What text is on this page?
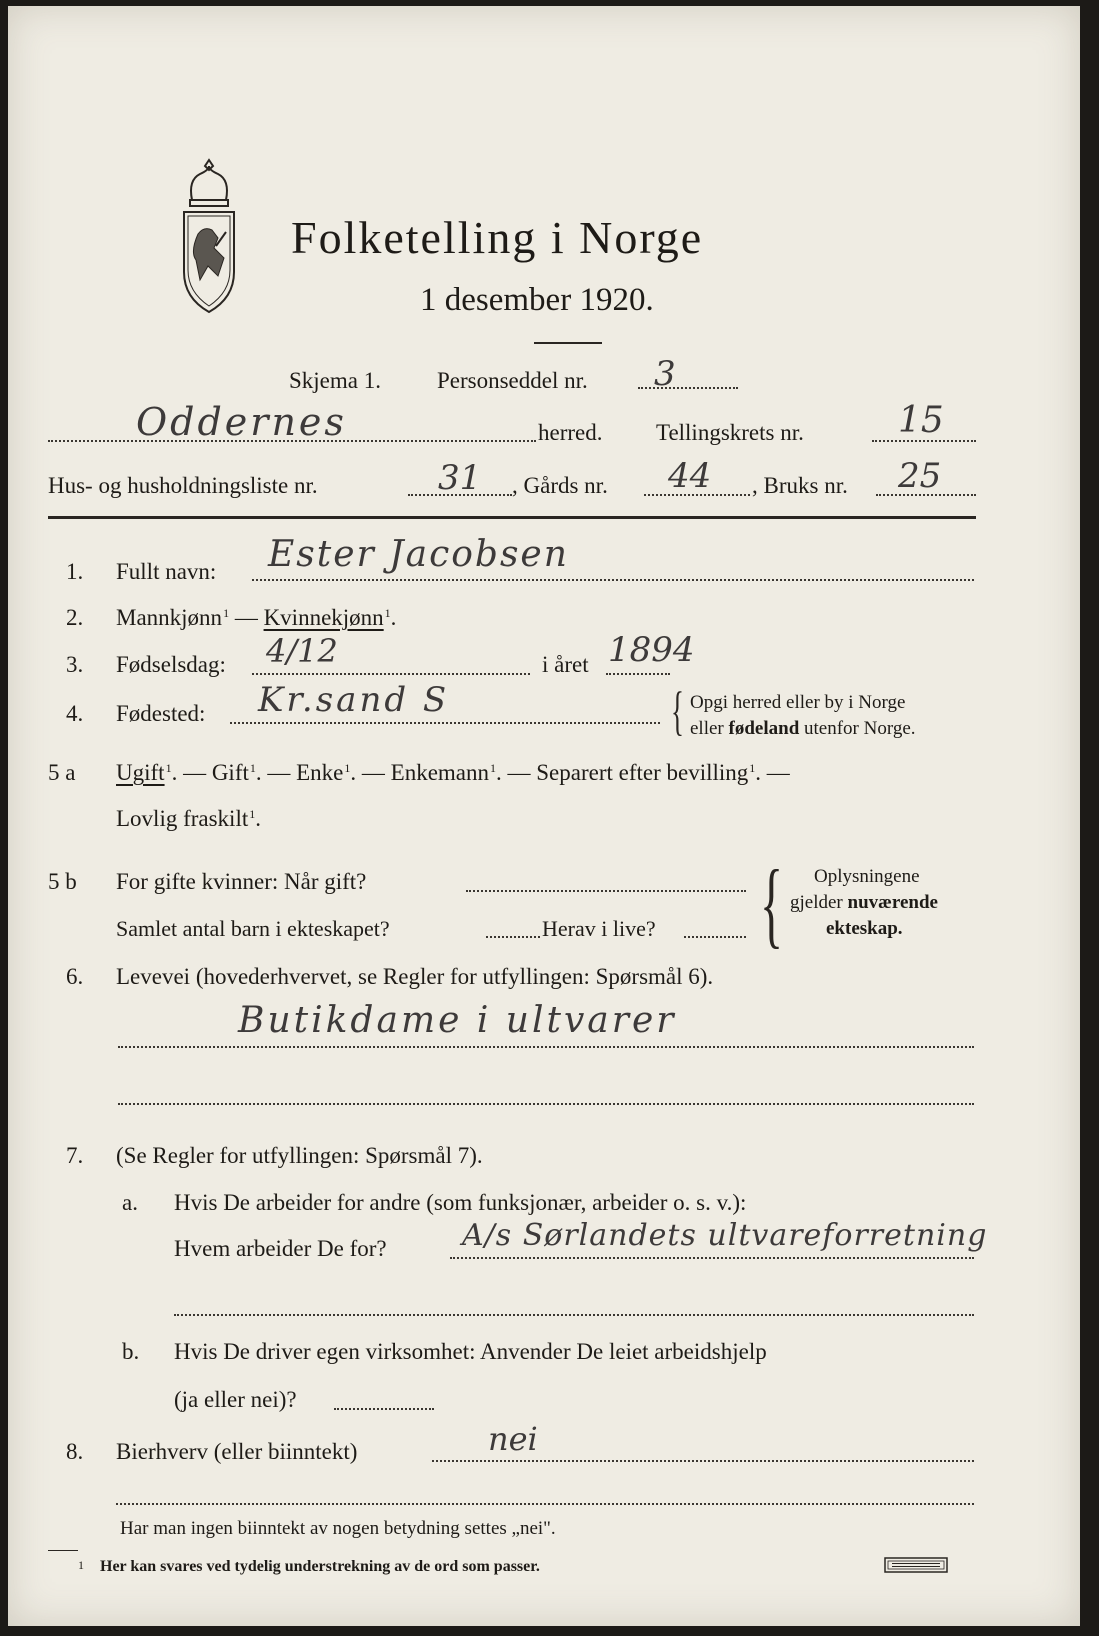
Folketelling i Norge
1 desember 1920.
Skjema 1. Personseddel nr. 3
Oddernes	herred. Tellingskrets nr.	15
Hus- og husholdningsliste nr.	31 , Gårds nr. 44 , Bruks nr. 25
1. Fullt navn: Ester Jacobsen
2. Mannkjønn$^1$ — Kvinnekjønn$^1$.
3. Fødselsdag: 4/12	i året 1894
4. Fødested: Kr.sand S	{ Opgi herred eller by i Norge
eller fødeland utenfor Norge.
5 a Ugift$^1$. — Gift$^1$. — Enke$^1$. — Enkemann$^1$. — Separert efter bevilling$^1$. —
Lovlig fraskilt$^1$.
5 b For gifte kvinner: Når gift?
Samlet antal barn i ekteskapet?	Herav i live? { Oplysningene
gjelder nuværende
ekteskap.
6. Levevei (hovederhvervet, se Regler for utfyllingen: Spørsmål 6).
Butikdame i ultvarer
7. (Se Regler for utfyllingen: Spørsmål 7).
a. Hvis De arbeider for andre (som funksjonær, arbeider o. s. v.):
Hvem arbeider De for?	A/s Sørlandets ultvareforretning
b. Hvis De driver egen virksomhet: Anvender De leiet arbeidshjelp
(ja eller nei)?
8. Bierhverv (eller biinntekt)	nei
Har man ingen biinntekt av nogen betydning settes „nei".
1 Her kan svares ved tydelig understrekning av de ord som passer.
